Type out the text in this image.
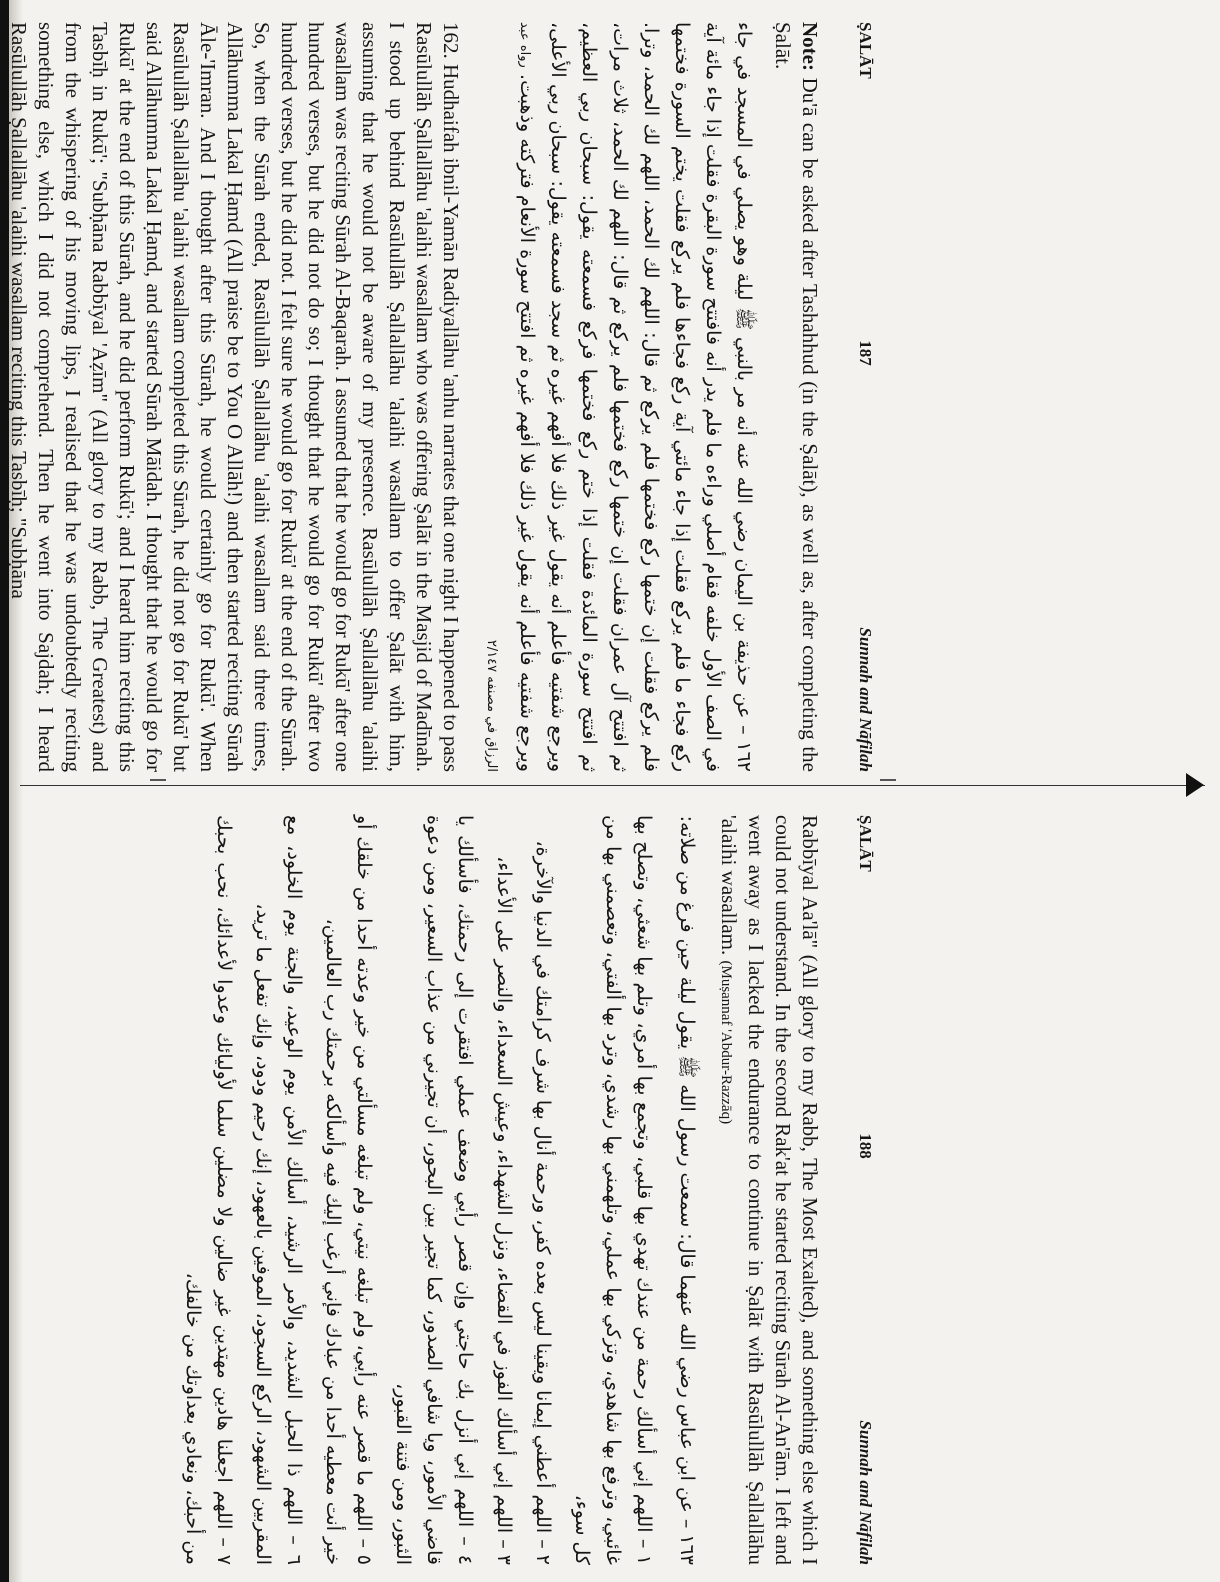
ṢALĀT
187
Sunnah and Nāfilah

Note: Du'ā can be asked after Tashahhud (in the Ṣalāt), as well as, after completing the Ṣalāt.

١٦٢ – عن حذيفة بن اليمان رضي الله عنه أنه مر بالنبي ﷺ ليلة وهو يصلي في المسجد في جاء في الصف الأول خلفه فقام أصلي وراءه ما فلم يدر أنه فافتتح سورة البقرة فقلت إذا جاء مائة آية ركع فجاء ما فلم يركع فقلت إذا جاء مائتي آية ركع فجاءها فلم يركع فقلت يختم السورة فختمها فلم يركع فقلت إن ختمها ركع فختمها فلم يركع ثم قال: اللهم لك الحمد، اللهم لك الحمد، وترا. ثم افتتح آل عمران فقلت إن ختمها ركع فختمها فلم يركع ثم قال: اللهم لك الحمد، ثلاث مرات، ثم افتتح سورة المائدة فقلت إذا ختم ركع فختمها فركع فسمعته يقول: سبحان ربي العظيم، ويرجع شفتيه فأعلم أنه يقول غير ذلك فلا أفهم غيره ثم سجد فسمعته يقول: سبحان ربي الأعلى، ويرجع شفتيه فأعلم أنه يقول غير ذلك فلا أفهم غيره ثم افتتح سورة الأنعام فتركته وذهبت. رواه عبد الرزاق في مصنفه ٢/١٤٧

162. Hudhaifah ibnil-Yamān Radiyallāhu 'anhu narrates that one night I happened to pass Rasūlullāh Ṣallallāhu 'alaihi wasallam who was offering Ṣalāt in the Masjid of Madīnah. I stood up behind Rasūlullāh Ṣallallāhu 'alaihi wasallam to offer Ṣalāt with him, assuming that he would not be aware of my presence. Rasūlullāh Ṣallallāhu 'alaihi wasallam was reciting Sūrah Al-Baqarah. I assumed that he would go for Rukū' after one hundred verses, but he did not do so; I thought that he would go for Rukū' after two hundred verses, but he did not. I felt sure he would go for Rukū' at the end of the Sūrah. So, when the Sūrah ended, Rasūlullāh Ṣallallāhu 'alaihi wasallam said three times, Allāhumma Lakal Ḥamd (All praise be to You O Allāh!) and then started reciting Sūrah Āle-'Imran. And I thought after this Sūrah, he would certainly go for Rukū'. When Rasūlullāh Ṣallallāhu 'alaihi wasallam completed this Sūrah, he did not go for Rukū' but said Allāhumma Lakal Ḥamd, and started Sūrah Māidah. I thought that he would go for Rukū' at the end of this Sūrah, and he did perform Rukū'; and I heard him reciting this Tasbīḥ in Rukū'; "Subḥāna Rabbīyal 'Aẓīm" (All glory to my Rabb, The Greatest) and from the whispering of his moving lips, I realised that he was undoubtedly reciting something else, which I did not comprehend. Then he went into Sajdah; I heard Rasūlullāh Ṣallallāhu 'alaihi wasallam reciting this Tasbīḥ; "Subḥāna

ṢALĀT
188
Sunnah and Nāfilah

Rabbīyal Aa'lā" (All glory to my Rabb, The Most Exalted), and something else which I could not understand. In the second Rak'at he started reciting Sūrah Al-An'ām. I left and went away as I lacked the endurance to continue in Ṣalāt with Rasūlullāh Ṣallallāhu 'alaihi wasallam. (Muṣannaf 'Abdur-Razzāq)

١٦٣ – عن ابن عباس رضي الله عنهما قال: سمعت رسول الله ﷺ يقول ليلة حين فرغ من صلاته:

١ – اللهم إني أسألك رحمة من عندك تهدي بها قلبي، وتجمع بها أمري، وتلم بها شعثي، وتصلح بها غائبي، وترفع بها شاهدي، وتزكي بها عملي، وتلهمني بها رشدي، وترد بها ألفتي، وتعصمني بها من كل سوء،

٢ – اللهم أعطني إيمانا ويقينا ليس بعده كفر، ورحمة أنال بها شرف كرامتك في الدنيا والآخرة،

٣ – اللهم إني أسألك الفوز في القضاء، ونزل الشهداء، وعيش السعداء، والنصر على الأعداء،

٤ – اللهم إني أنزل بك حاجتي وإن قصر رأيي وضعف عملي افتقرت إلى رحمتك، فأسألك يا قاضي الأمور، ويا شافي الصدور، كما تجير بين البحور، أن تجيرني من عذاب السعير، ومن دعوة الثبور، ومن فتنة القبور،

٥ – اللهم ما قصر عنه رأيي، ولم تبلغه نيتي، ولم تبلغه مسألتي من خير وعدته أحدا من خلقك أو خير أنت معطيه أحدا من عبادك فإني أرغب إليك فيه وأسألكه برحمتك رب العالمين،

٦ – اللهم ذا الحبل الشديد، والأمر الرشيد، أسألك الأمن يوم الوعيد، والجنة يوم الخلود، مع المقربين الشهود، الركع السجود، الموفين بالعهود، إنك رحيم ودود، وإنك تفعل ما تريد،

٧ – اللهم اجعلنا هادين مهتدين غير ضالين ولا مضلين سلما لأوليائك وعدوا لأعدائك، نحب بحبك من أحبك، ونعادي بعداوتك من خالفك،
